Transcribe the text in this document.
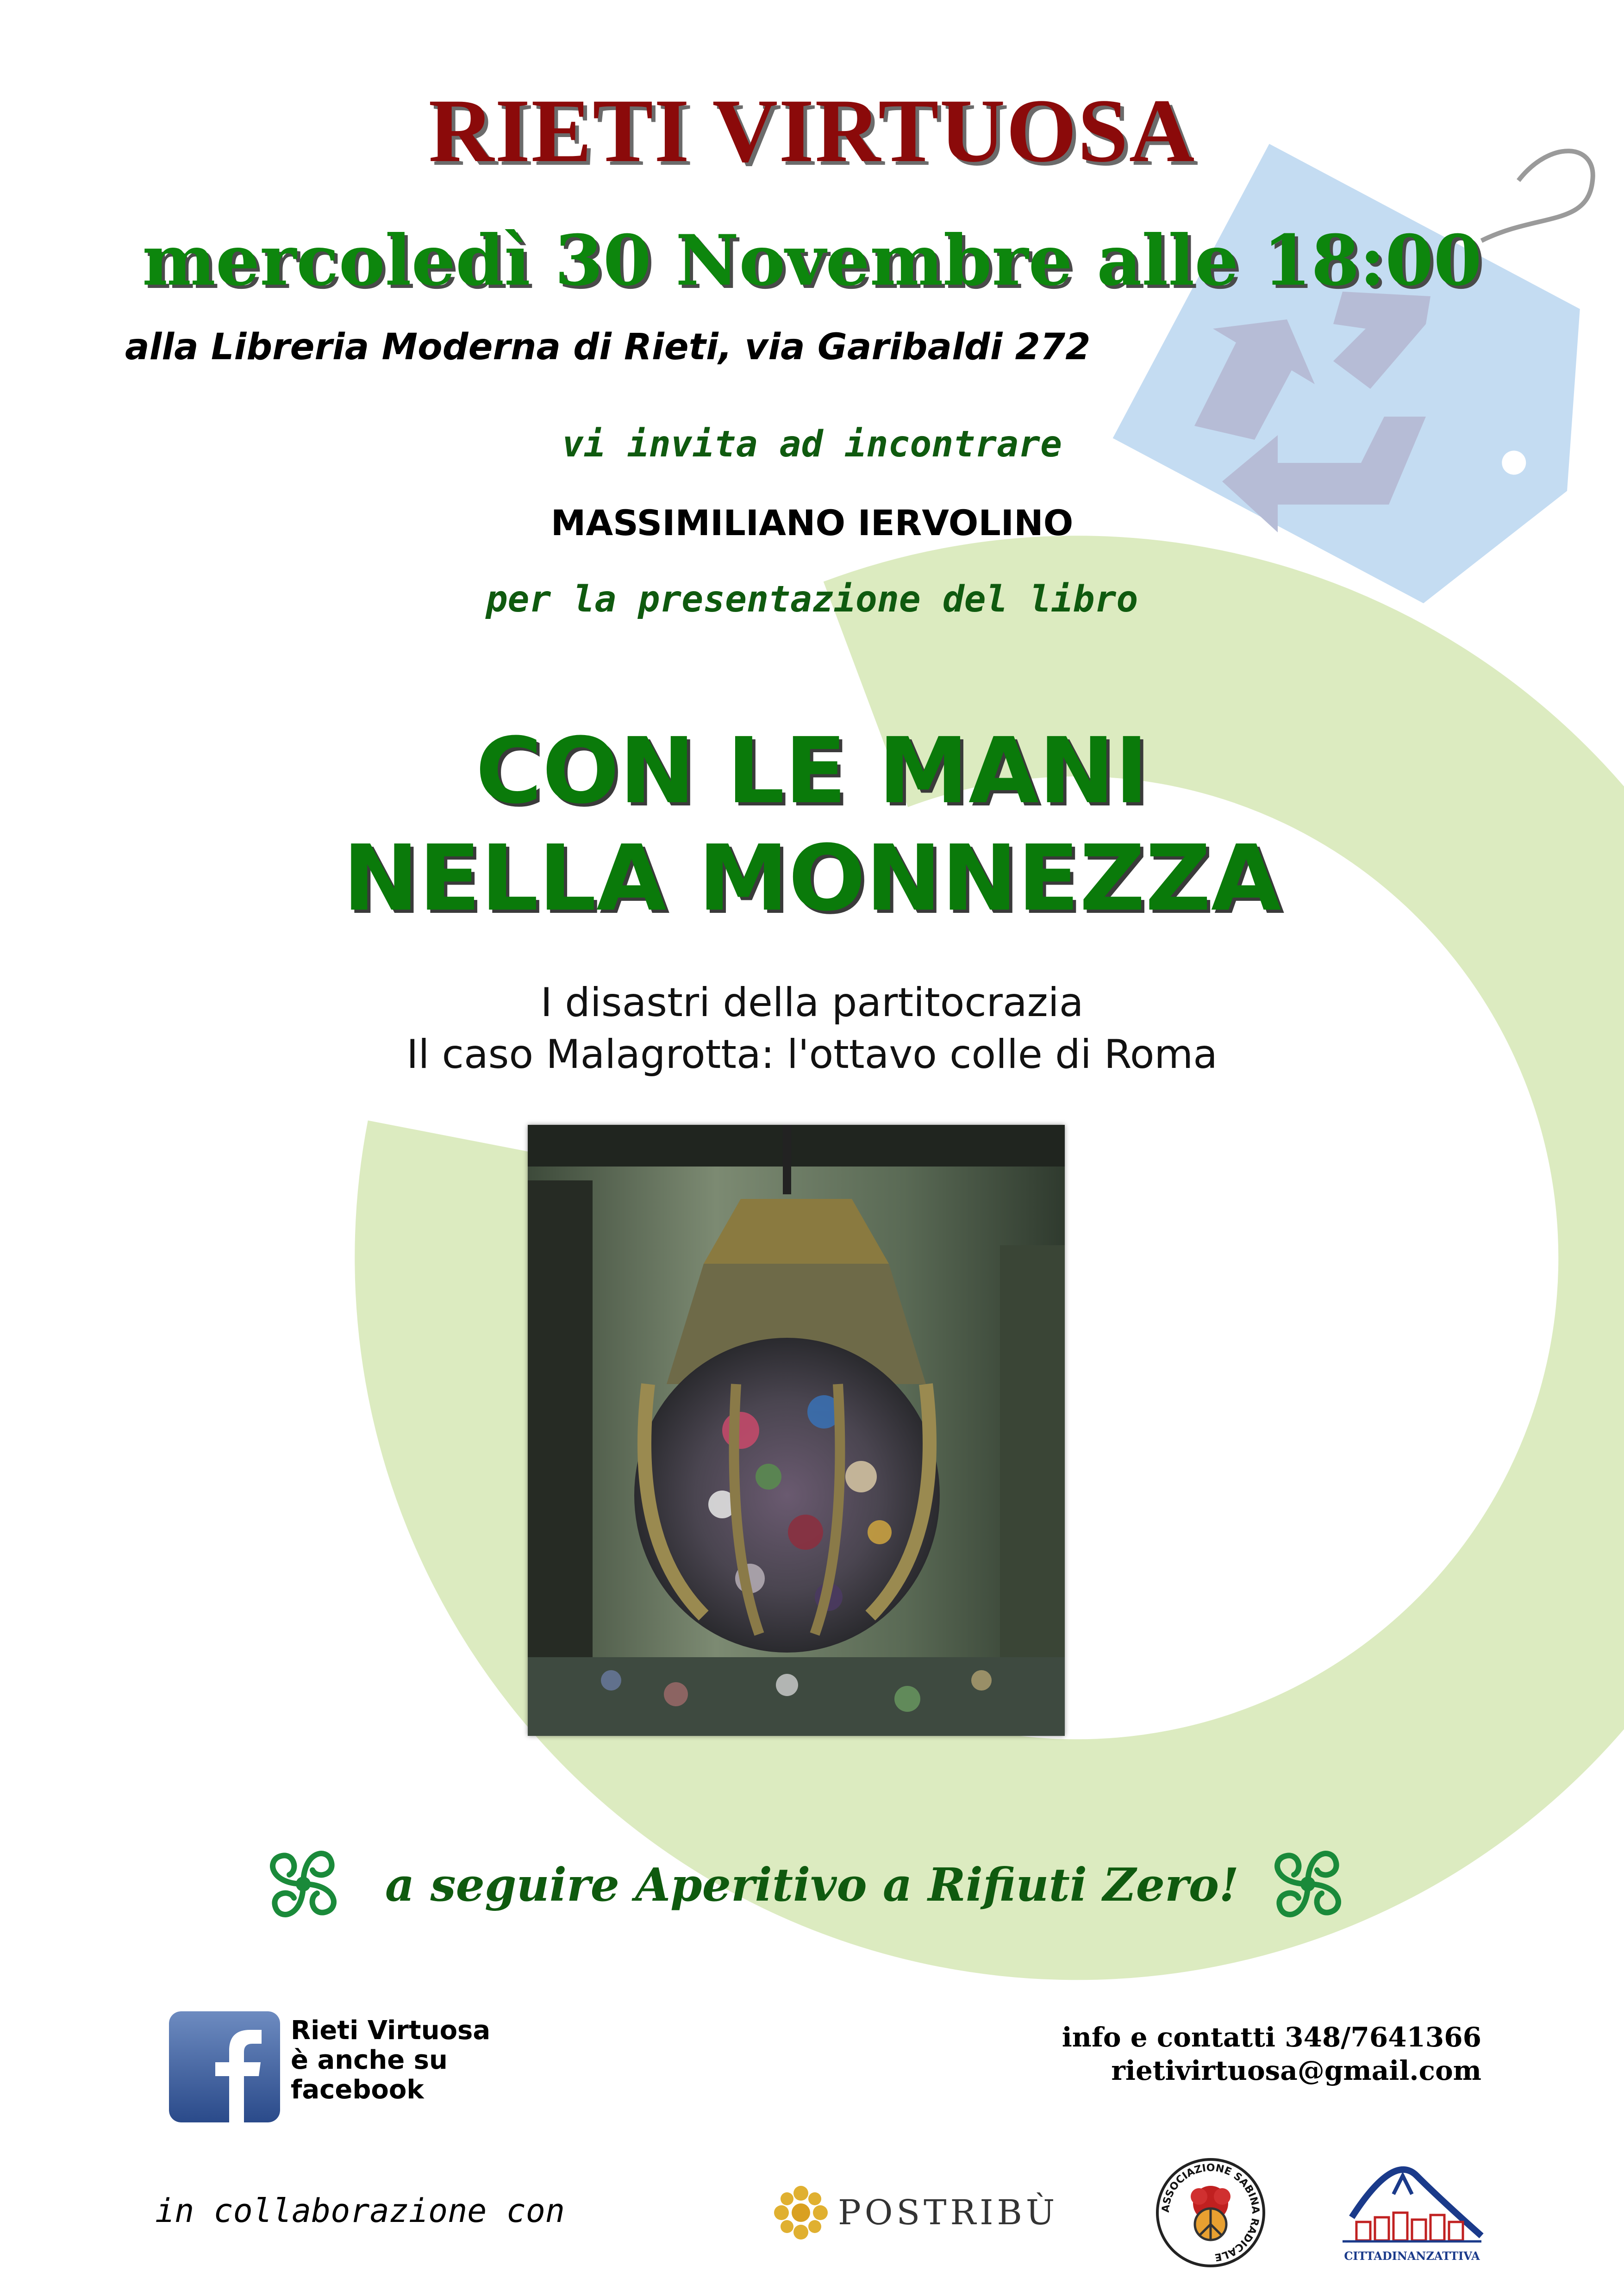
RIETI VIRTUOSA
mercoledì 30 Novembre alle 18:00
alla Libreria Moderna di Rieti, via Garibaldi 272
vi invita ad incontrare
MASSIMILIANO IERVOLINO
per la presentazione del libro
CON LE MANI
NELLA MONNEZZA
I disastri della partitocrazia
Il caso Malagrotta: l'ottavo colle di Roma
a seguire Aperitivo a Rifiuti Zero!
Rieti Virtuosa
è anche su
facebook
info e contatti 348/7641366
rietivirtuosa@gmail.com
in collaborazione con	POSTRIBÙ	ASSOCIAZIONE SABINA RADICALE	CITTADINANZATTIVA
